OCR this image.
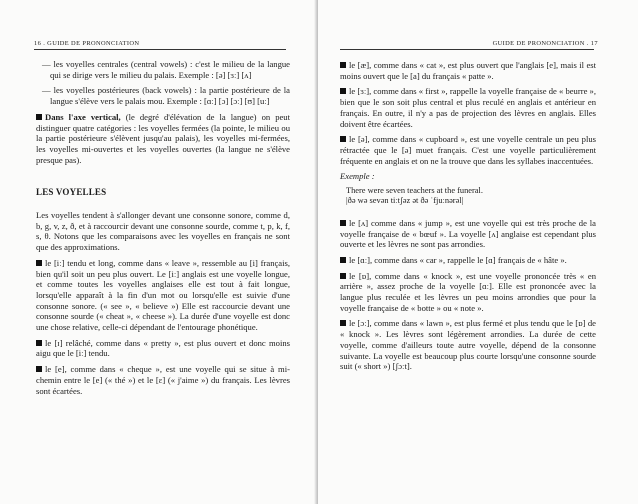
16 . GUIDE DE PRONONCIATION

— les voyelles centrales (central vowels) : c'est le milieu de la langue qui se dirige vers le milieu du palais. Exemple : [ə] [ɜː] [ʌ]

— les voyelles postérieures (back vowels) : la partie postérieure de la langue s'élève vers le palais mou. Exemple : [ɑː] [ɔ] [ɔː] [ʊ] [uː]

Dans l'axe vertical, (le degré d'élévation de la langue) on peut distinguer quatre catégories : les voyelles fermées (la pointe, le milieu ou la partie postérieure s'élèvent jusqu'au palais), les voyelles mi-fermées, les voyelles mi-ouvertes et les voyelles ouvertes (la langue ne s'élève presque pas).

LES VOYELLES

Les voyelles tendent à s'allonger devant une consonne sonore, comme d, b, g, v, z, ð, et à raccourcir devant une consonne sourde, comme t, p, k, f, s, θ. Notons que les comparaisons avec les voyelles en français ne sont que des approximations.

le [iː] tendu et long, comme dans « leave », ressemble au [i] français, bien qu'il soit un peu plus ouvert. Le [iː] anglais est une voyelle longue, et comme toutes les voyelles anglaises elle est tout à fait longue, lorsqu'elle apparaît à la fin d'un mot ou lorsqu'elle est suivie d'une consonne sonore. (« see », « believe ») Elle est raccourcie devant une consonne sourde (« cheat », « cheese »). La durée d'une voyelle est donc une chose relative, celle-ci dépendant de l'entourage phonétique.

le [ɪ] relâché, comme dans « pretty », est plus ouvert et donc moins aigu que le [iː] tendu.

le [e], comme dans « cheque », est une voyelle qui se situe à mi-chemin entre le [e] (« thé ») et le [ɛ] (« j'aime ») du français. Les lèvres sont écartées.

GUIDE DE PRONONCIATION . 17

le [æ], comme dans « cat », est plus ouvert que l'anglais [e], mais il est moins ouvert que le [a] du français « patte ».

le [ɜː], comme dans « first », rappelle la voyelle française de « beurre », bien que le son soit plus central et plus reculé en anglais et antérieur en français. En outre, il n'y a pas de projection des lèvres en anglais. Elles doivent être écartées.

le [ə], comme dans « cupboard », est une voyelle centrale un peu plus rétractée que le [ə] muet français. C'est une voyelle particulièrement fréquente en anglais et on ne la trouve que dans les syllabes inaccentuées.

Exemple :
There were seven teachers at the funeral.
|ðə wə sevən tiːtʃəz ət ðə ˈfjuːnərəl|

le [ʌ] comme dans « jump », est une voyelle qui est très proche de la voyelle française de « bœuf ». La voyelle [ʌ] anglaise est cependant plus ouverte et les lèvres ne sont pas arrondies.

le [ɑː], comme dans « car », rappelle le [ɑ] français de « hâte ».

le [ɒ], comme dans « knock », est une voyelle prononcée très « en arrière », assez proche de la voyelle [ɑː]. Elle est prononcée avec la langue plus reculée et les lèvres un peu moins arrondies que pour la voyelle française de « botte » ou « note ».

le [ɔː], comme dans « lawn », est plus fermé et plus tendu que le [ɒ] de « knock ». Les lèvres sont légèrement arrondies. La durée de cette voyelle, comme d'ailleurs toute autre voyelle, dépend de la consonne suivante. La voyelle est beaucoup plus courte lorsqu'une consonne sourde suit (« short ») [ʃɔːt].
